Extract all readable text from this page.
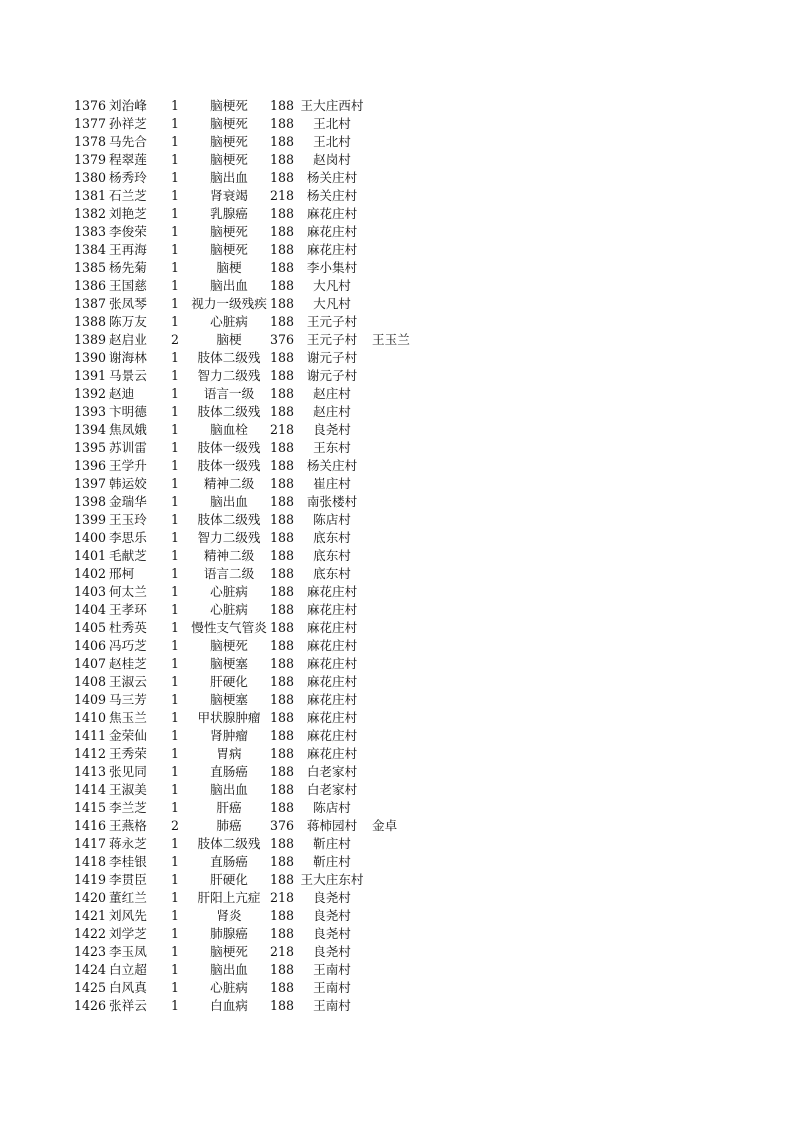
1376 刘治峰	1	脑梗死	188 王大庄西村
1377 孙祥芝	1	脑梗死	188	王北村
1378 马先合	1	脑梗死	188	王北村
1379 程翠莲	1	脑梗死	188	赵岗村
1380 杨秀玲	1	脑出血	188	杨关庄村
1381 石兰芝	1	肾衰竭	218	杨关庄村
1382 刘艳芝	1	乳腺癌	188	麻花庄村
1383 李俊荣	1	脑梗死	188	麻花庄村
1384 王再海	1	脑梗死	188	麻花庄村
1385 杨先菊	1	脑梗	188	李小集村
1386 王国慈	1	脑出血	188	大凡村
1387 张凤琴	1 视力一级残疾 188	大凡村
1388 陈万友	1	心脏病	188	王元子村
1389 赵启业	2	脑梗	376	王元子村	王玉兰
1390 谢海林	1	肢体二级残 188	谢元子村
1391 马景云	1	智力二级残 188	谢元子村
1392 赵迪	1	语言一级	188	赵庄村
1393 卞明德	1	肢体二级残 188	赵庄村
1394 焦凤娥	1	脑血栓	218	良尧村
1395 苏训雷	1	肢体一级残 188	王东村
1396 王学升	1	肢体一级残 188	杨关庄村
1397 韩运姣	1	精神二级	188	崔庄村
1398 金瑞华	1	脑出血	188	南张楼村
1399 王玉玲	1	肢体二级残 188	陈店村
1400 李思乐	1	智力二级残 188	底东村
1401 毛献芝	1	精神二级	188	底东村
1402 邢柯	1	语言二级	188	底东村
1403 何太兰	1	心脏病	188	麻花庄村
1404 王孝环	1	心脏病	188	麻花庄村
1405 杜秀英	1 慢性支气管炎 188	麻花庄村
1406 冯巧芝	1	脑梗死	188	麻花庄村
1407 赵桂芝	1	脑梗塞	188	麻花庄村
1408 王淑云	1	肝硬化	188	麻花庄村
1409 马三芳	1	脑梗塞	188	麻花庄村
1410 焦玉兰	1	甲状腺肿瘤 188	麻花庄村
1411 金荣仙	1	肾肿瘤	188	麻花庄村
1412 王秀荣	1	胃病	188	麻花庄村
1413 张见同	1	直肠癌	188	白老家村
1414 王淑美	1	脑出血	188	白老家村
1415 李兰芝	1	肝癌	188	陈店村
1416 王燕格	2	肺癌	376	蒋柿园村	金卓
1417 蒋永芝	1	肢体二级残 188	靳庄村
1418 李桂银	1	直肠癌	188	靳庄村
1419 李贯臣	1	肝硬化	188 王大庄东村
1420 董红兰	1	肝阳上亢症 218	良尧村
1421 刘风先	1	肾炎	188	良尧村
1422 刘学芝	1	肺腺癌	188	良尧村
1423 李玉凤	1	脑梗死	218	良尧村
1424 白立超	1	脑出血	188	王南村
1425 白风真	1	心脏病	188	王南村
1426 张祥云	1	白血病	188	王南村
